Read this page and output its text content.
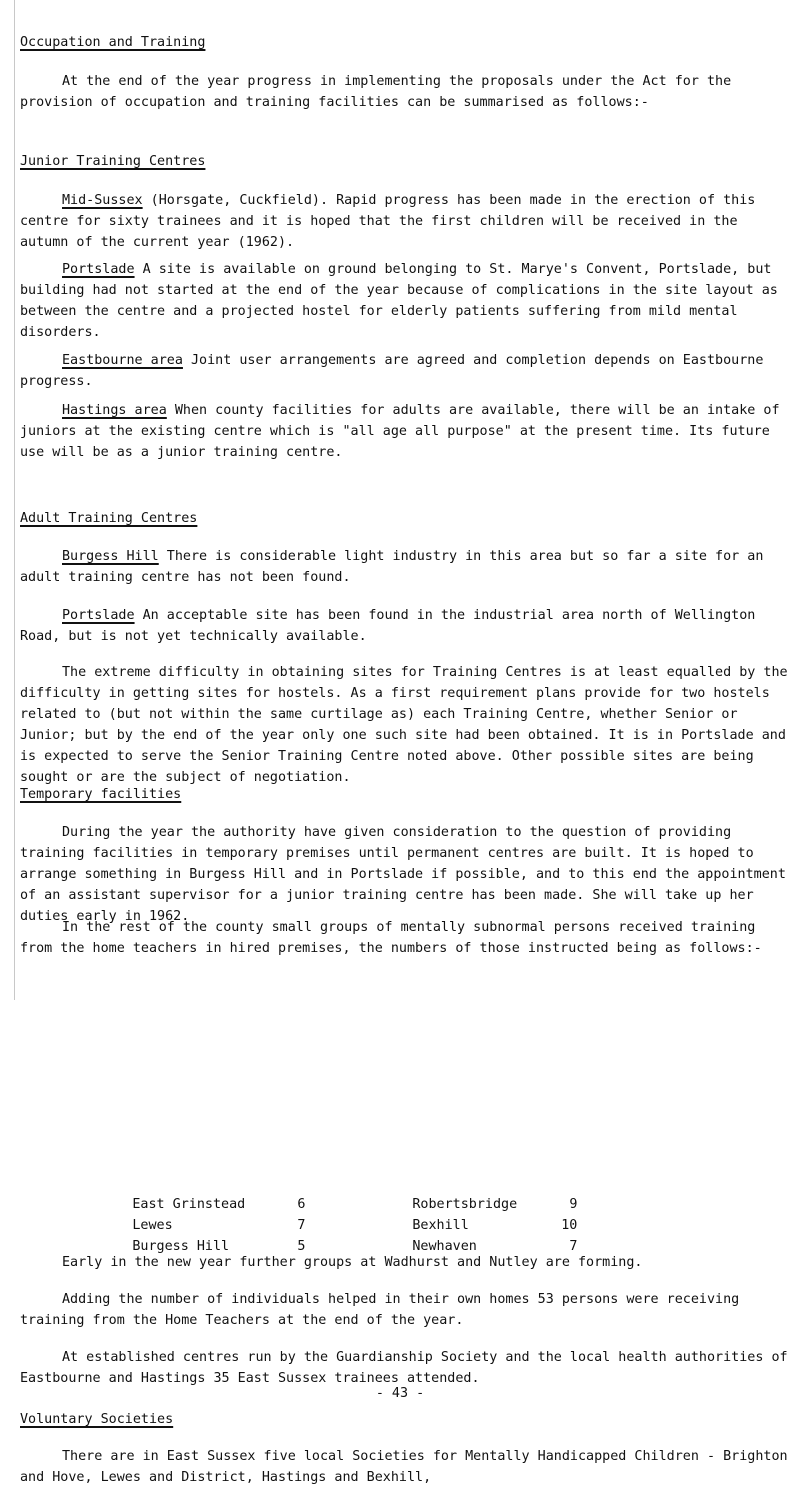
Occupation and Training

At the end of the year progress in implementing the proposals under the Act for the provision of occupation and training facilities can be summarised as follows:-

Junior Training Centres

Mid-Sussex (Horsgate, Cuckfield). Rapid progress has been made in the erection of this centre for sixty trainees and it is hoped that the first children will be received in the autumn of the current year (1962).

Portslade A site is available on ground belonging to St. Marye's Convent, Portslade, but building had not started at the end of the year because of complications in the site layout as between the centre and a projected hostel for elderly patients suffering from mild mental disorders.

Eastbourne area Joint user arrangements are agreed and completion depends on Eastbourne progress.

Hastings area When county facilities for adults are available, there will be an intake of juniors at the existing centre which is "all age all purpose" at the present time. Its future use will be as a junior training centre.

Adult Training Centres

Burgess Hill There is considerable light industry in this area but so far a site for an adult training centre has not been found.

Portslade An acceptable site has been found in the industrial area north of Wellington Road, but is not yet technically available.

The extreme difficulty in obtaining sites for Training Centres is at least equalled by the difficulty in getting sites for hostels. As a first requirement plans provide for two hostels related to (but not within the same curtilage as) each Training Centre, whether Senior or Junior; but by the end of the year only one such site had been obtained. It is in Portslade and is expected to serve the Senior Training Centre noted above. Other possible sites are being sought or are the subject of negotiation.

Temporary facilities

During the year the authority have given consideration to the question of providing training facilities in temporary premises until permanent centres are built. It is hoped to arrange something in Burgess Hill and in Portslade if possible, and to this end the appointment of an assistant supervisor for a junior training centre has been made. She will take up her duties early in 1962.

In the rest of the county small groups of mentally subnormal persons received training from the home teachers in hired premises, the numbers of those instructed being as follows:-

East Grinstead	6	Robertsbridge	9

Lewes	7	Bexhill	10

Burgess Hill	5	Newhaven	7

Early in the new year further groups at Wadhurst and Nutley are forming.

Adding the number of individuals helped in their own homes 53 persons were receiving training from the Home Teachers at the end of the year.

At established centres run by the Guardianship Society and the local health authorities of Eastbourne and Hastings 35 East Sussex trainees attended.

Voluntary Societies

There are in East Sussex five local Societies for Mentally Handicapped Children - Brighton and Hove, Lewes and District, Hastings and Bexhill,

- 43 -
